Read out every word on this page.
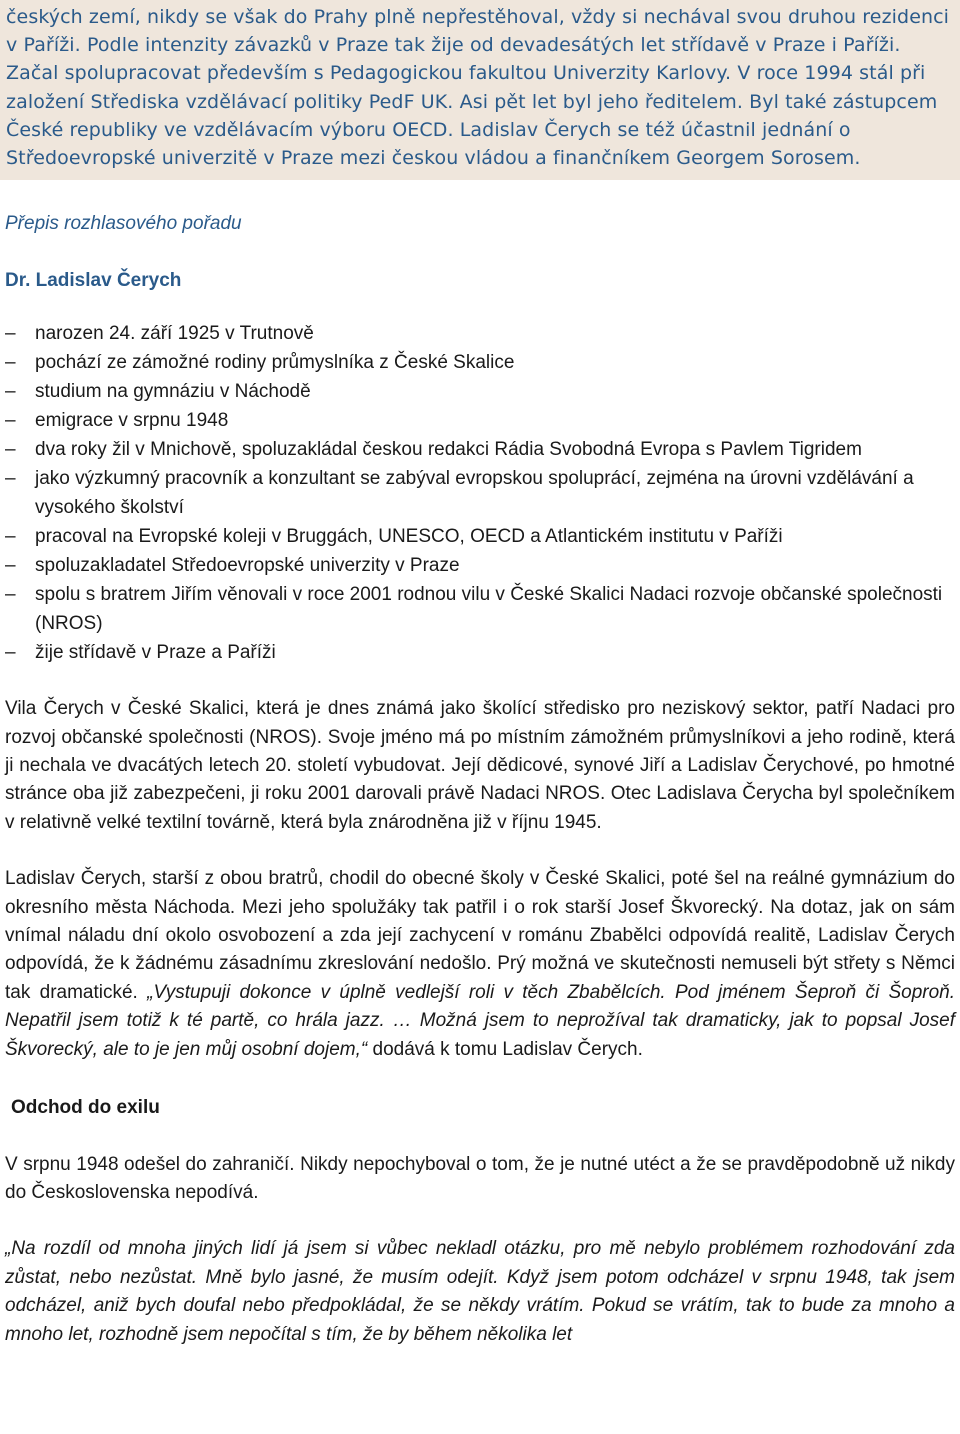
českých zemí, nikdy se však do Prahy plně nepřestěhoval, vždy si nechával svou druhou rezidenci v Paříži. Podle intenzity závazků v Praze tak žije od devadesátých let střídavě v Praze i Paříži. Začal spolupracovat především s Pedagogickou fakultou Univerzity Karlovy. V roce 1994 stál při založení Střediska vzdělávací politiky PedF UK. Asi pět let byl jeho ředitelem. Byl také zástupcem České republiky ve vzdělávacím výboru OECD. Ladislav Čerych se též účastnil jednání o Středoevropské univerzitě v Praze mezi českou vládou a finančníkem Georgem Sorosem.

Přepis rozhlasového pořadu

Dr. Ladislav Čerych

–	narozen 24. září 1925 v Trutnově
–	pochází ze zámožné rodiny průmyslníka z České Skalice
–	studium na gymnáziu v Náchodě
–	emigrace v srpnu 1948
–	dva roky žil v Mnichově, spoluzakládal českou redakci Rádia Svobodná Evropa s Pavlem Tigridem
–	jako výzkumný pracovník a konzultant se zabýval evropskou spoluprácí, zejména na úrovni vzdělávání a vysokého školství
–	pracoval na Evropské koleji v Bruggách, UNESCO, OECD a Atlantickém institutu v Paříži
–	spoluzakladatel Středoevropské univerzity v Praze
–	spolu s bratrem Jiřím věnovali v roce 2001 rodnou vilu v České Skalici Nadaci rozvoje občanské společnosti (NROS)
–	žije střídavě v Praze a Paříži

Vila Čerych v České Skalici, která je dnes známá jako školící středisko pro neziskový sektor, patří Nadaci pro rozvoj občanské společnosti (NROS). Svoje jméno má po místním zámožném průmyslníkovi a jeho rodině, která ji nechala ve dvacátých letech 20. století vybudovat. Její dědicové, synové Jiří a Ladislav Čerychové, po hmotné stránce oba již zabezpečeni, ji roku 2001 darovali právě Nadaci NROS. Otec Ladislava Čerycha byl společníkem v relativně velké textilní továrně, která byla znárodněna již v říjnu 1945.

Ladislav Čerych, starší z obou bratrů, chodil do obecné školy v České Skalici, poté šel na reálné gymnázium do okresního města Náchoda. Mezi jeho spolužáky tak patřil i o rok starší Josef Škvorecký. Na dotaz, jak on sám vnímal náladu dní okolo osvobození a zda její zachycení v románu Zbabělci odpovídá realitě, Ladislav Čerych odpovídá, že k žádnému zásadnímu zkreslování nedošlo. Prý možná ve skutečnosti nemuseli být střety s Němci tak dramatické. „Vystupuji dokonce v úplně vedlejší roli v těch Zbabělcích. Pod jménem Šeproň či Šoproň. Nepatřil jsem totiž k té partě, co hrála jazz. … Možná jsem to neprožíval tak dramaticky, jak to popsal Josef Škvorecký, ale to je jen můj osobní dojem,“ dodává k tomu Ladislav Čerych.

Odchod do exilu

V srpnu 1948 odešel do zahraničí. Nikdy nepochyboval o tom, že je nutné utéct a že se pravděpodobně už nikdy do Československa nepodívá.

„Na rozdíl od mnoha jiných lidí já jsem si vůbec nekladl otázku, pro mě nebylo problémem rozhodování zda zůstat, nebo nezůstat. Mně bylo jasné, že musím odejít. Když jsem potom odcházel v srpnu 1948, tak jsem odcházel, aniž bych doufal nebo předpokládal, že se někdy vrátím. Pokud se vrátím, tak to bude za mnoho a mnoho let, rozhodně jsem nepočítal s tím, že by během několika let
